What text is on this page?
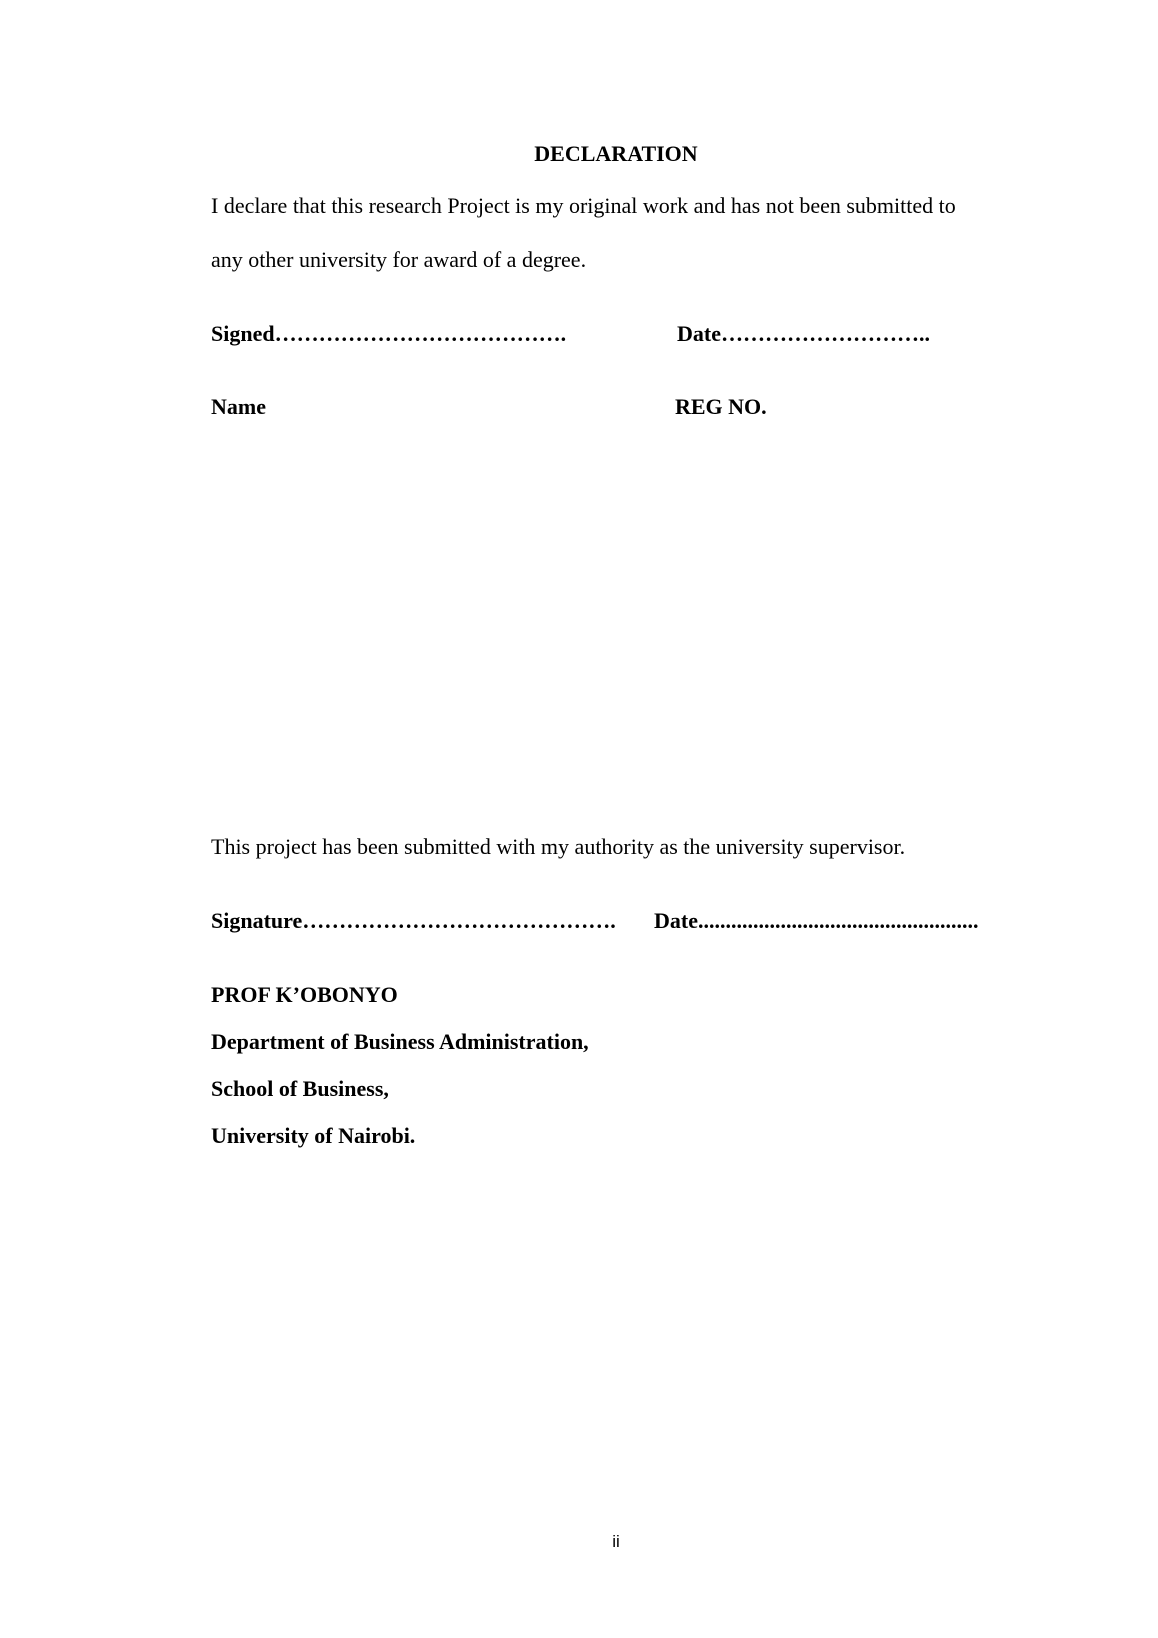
DECLARATION
I declare that this research Project is my original work and has not been submitted to
any other university for award of a degree.
Signed………………………………….	Date………………………..
Name	REG NO.
This project has been submitted with my authority as the university supervisor.
Signature……………………………………. Date...................................................
PROF K’OBONYO
Department of Business Administration,
School of Business,
University of Nairobi.
ii
